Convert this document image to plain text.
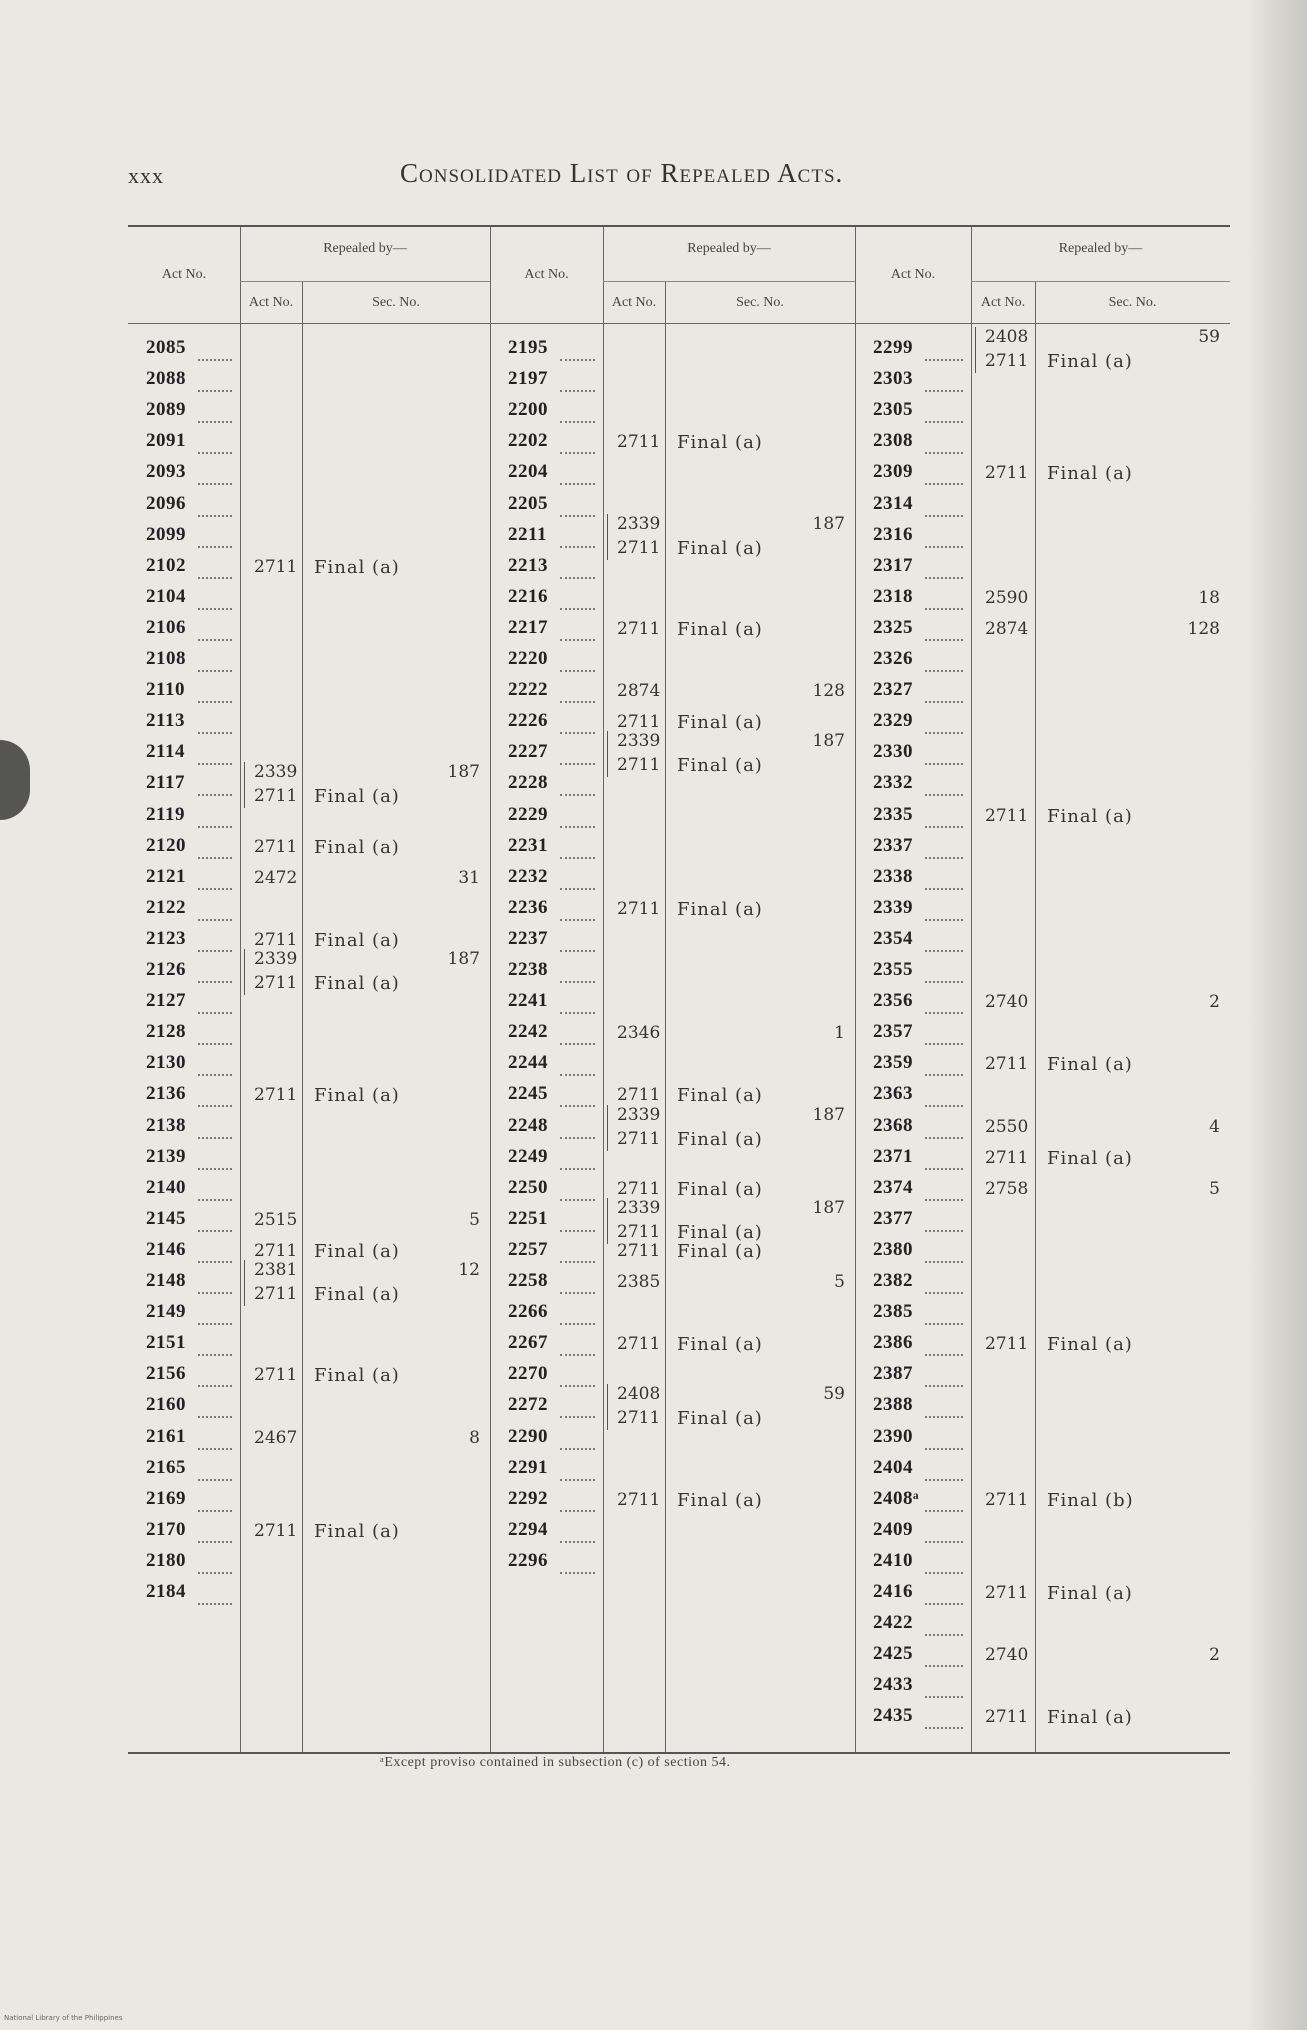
xxx	Consolidated List of Repealed Acts.
Act No.
Repealed by—
Act No.	Sec. No.
2085
2088
2089
2091
2093
2096
2099
2102	2711 Final (a)
2104
2106
2108
2110
2113
2114
2117	2339	187
2711 Final (a)
2119
2120	2711 Final (a)
2121	2472	31
2122
2123	2711 Final (a)
2126	2339	187
2711 Final (a)
2127
2128
2130
2136	2711 Final (a)
2138
2139
2140
2145	2515	5
2146	2711 Final (a)
2148	2381	12
2711 Final (a)
2149
2151
2156	2711 Final (a)
2160
2161	2467	8
2165
2169
2170	2711 Final (a)
2180
2184
Act No.
Repealed by—
Act No.	Sec. No.
2195
2197
2200
2202	2711 Final (a)
2204
2205
2211	2339	187
2711 Final (a)
2213
2216
2217	2711 Final (a)
2220
2222	2874	128
2226	2711 Final (a)
2227	2339	187
2711 Final (a)
2228
2229
2231
2232
2236	2711 Final (a)
2237
2238
2241
2242	2346	1
2244
2245	2711 Final (a)
2248	2339	187
2711 Final (a)
2249
2250	2711 Final (a)
2251	2339	187
2711 Final (a)
2257	2711 Final (a)
2258	2385	5
2266
2267	2711 Final (a)
2270
2272	2408	59
2711 Final (a)
2290
2291
2292	2711 Final (a)
2294
2296
Act No.
Repealed by—
Act No.	Sec. No.
2299	2408	59
2711 Final (a)
2303
2305
2308
2309	2711 Final (a)
2314
2316
2317
2318	2590	18
2325	2874	128
2326
2327
2329
2330
2332
2335	2711 Final (a)
2337
2338
2339
2354
2355
2356	2740	2
2357
2359	2711 Final (a)
2363
2368	2550	4
2371	2711 Final (a)
2374	2758	5
2377
2380
2382
2385
2386	2711 Final (a)
2387
2388
2390
2404
2408ᵃ	2711 Final (b)
2409
2410
2416	2711 Final (a)
2422
2425	2740	2
2433
2435	2711 Final (a)
ᵃExcept proviso contained in subsection (c) of section 54.
National Library of the Philippines
